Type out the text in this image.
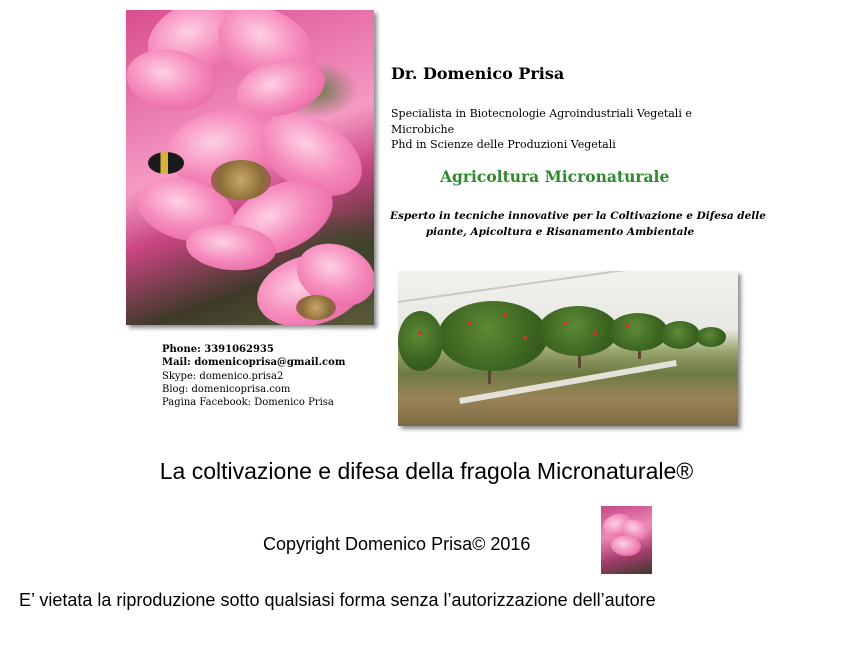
Dr. Domenico Prisa
Specialista in Biotecnologie Agroindustriali Vegetali e
Microbiche
Phd in Scienze delle Produzioni Vegetali
Agricoltura Micronaturale
Esperto in tecniche innovative per la Coltivazione e Difesa delle
piante, Apicoltura e Risanamento Ambientale
Phone: 3391062935
Mail: domenicoprisa@gmail.com
Skype: domenico.prisa2
Blog: domenicoprisa.com
Pagina Facebook: Domenico Prisa
La coltivazione e difesa della fragola Micronaturale®
Copyright Domenico Prisa© 2016
E’ vietata la riproduzione sotto qualsiasi forma senza l’autorizzazione dell’autore
